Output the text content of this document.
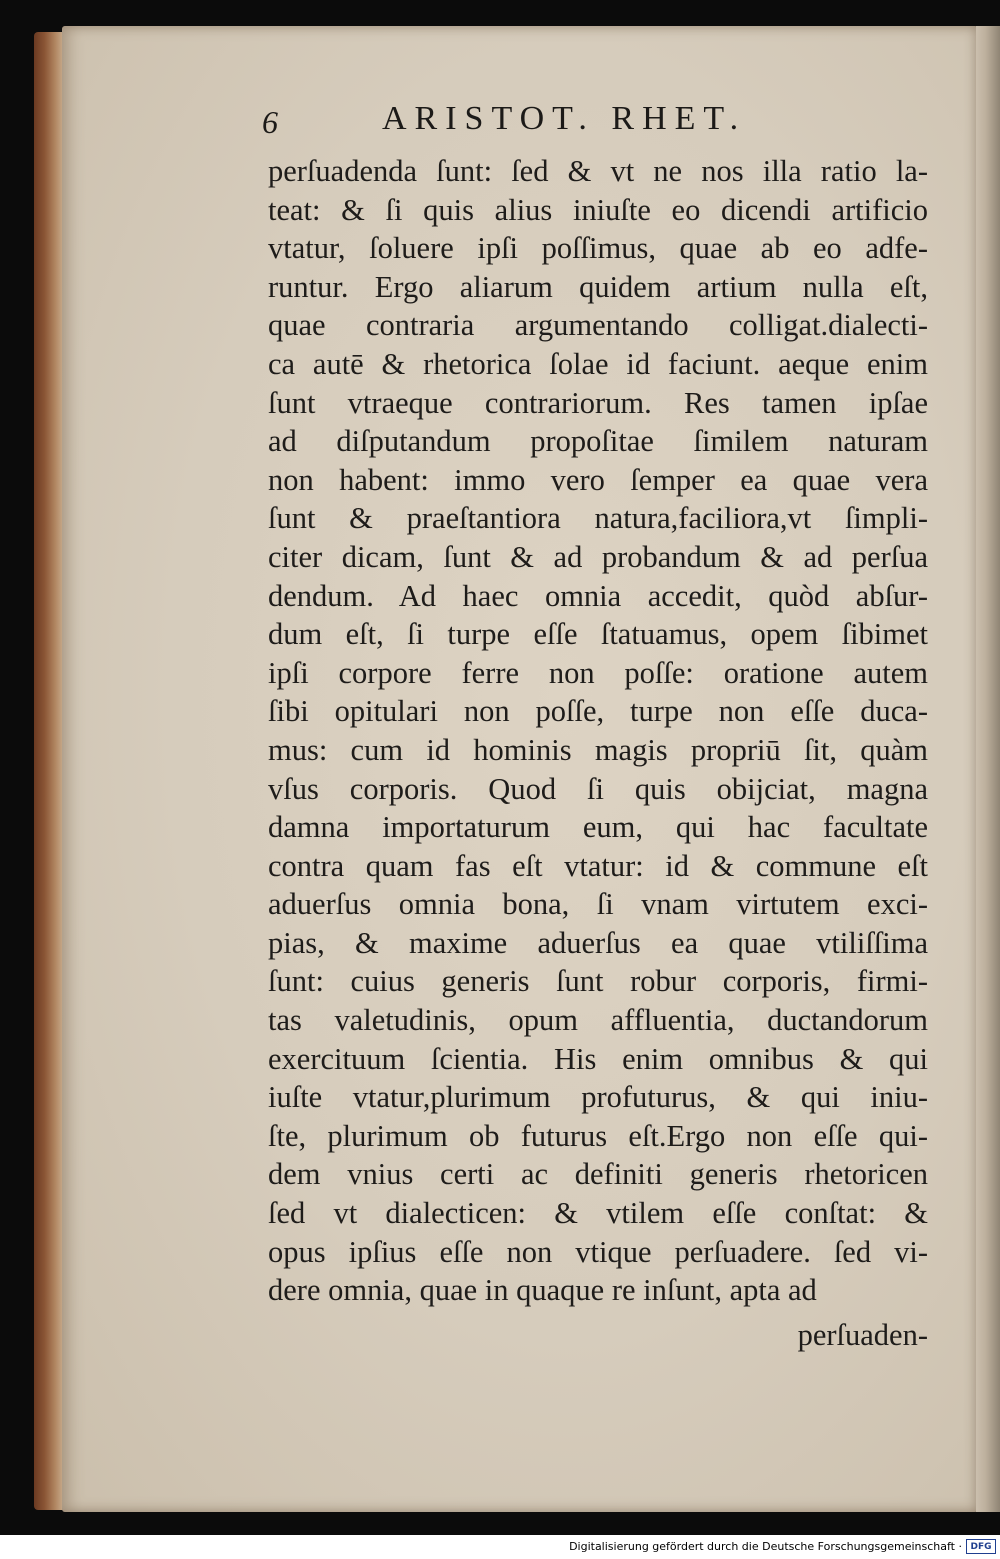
6	ARISTOT. RHET.
perſuadenda ſunt: ſed & vt ne nos illa ratio la-
teat: & ſi quis alius iniuſte eo dicendi artificio
vtatur, ſoluere ipſi poſſimus, quae ab eo adfe-
runtur. Ergo aliarum quidem artium nulla eſt,
quae contraria argumentando colligat.dialecti-
ca autē & rhetorica ſolae id faciunt. aeque enim
ſunt vtraeque contrariorum. Res tamen ipſae
ad diſputandum propoſitae ſimilem naturam
non habent: immo vero ſemper ea quae vera
ſunt & praeſtantiora natura,faciliora,vt ſimpli-
citer dicam, ſunt & ad probandum & ad perſua
dendum. Ad haec omnia accedit, quòd abſur-
dum eſt, ſi turpe eſſe ſtatuamus, opem ſibimet
ipſi corpore ferre non poſſe: oratione autem
ſibi opitulari non poſſe, turpe non eſſe duca-
mus: cum id hominis magis propriū ſit, quàm
vſus corporis. Quod ſi quis obijciat, magna
damna importaturum eum, qui hac facultate
contra quam fas eſt vtatur: id & commune eſt
aduerſus omnia bona, ſi vnam virtutem exci-
pias, & maxime aduerſus ea quae vtiliſſima
ſunt: cuius generis ſunt robur corporis, firmi-
tas valetudinis, opum affluentia, ductandorum
exercituum ſcientia. His enim omnibus & qui
iuſte vtatur,plurimum profuturus, & qui iniu-
ſte, plurimum ob futurus eſt.Ergo non eſſe qui-
dem vnius certi ac definiti generis rhetoricen
ſed vt dialecticen: & vtilem eſſe conſtat: &
opus ipſius eſſe non vtique perſuadere. ſed vi-
dere omnia, quae in quaque re inſunt, apta ad
perſuaden-
Digitalisierung gefördert durch die Deutsche Forschungsgemeinschaft · DFG
